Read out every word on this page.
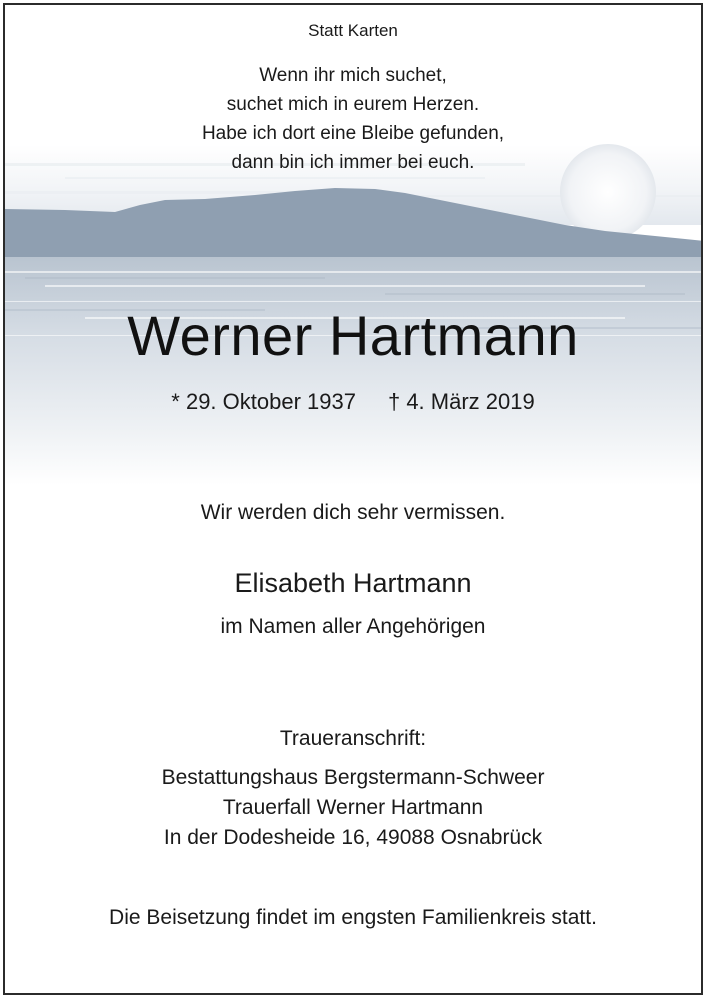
Statt Karten
Wenn ihr mich suchet,
suchet mich in eurem Herzen.
Habe ich dort eine Bleibe gefunden,
dann bin ich immer bei euch.
Werner Hartmann
* 29. Oktober 1937 † 4. März 2019
Wir werden dich sehr vermissen.
Elisabeth Hartmann
im Namen aller Angehörigen
Traueranschrift:
Bestattungshaus Bergstermann-Schweer
Trauerfall Werner Hartmann
In der Dodesheide 16, 49088 Osnabrück
Die Beisetzung findet im engsten Familienkreis statt.
